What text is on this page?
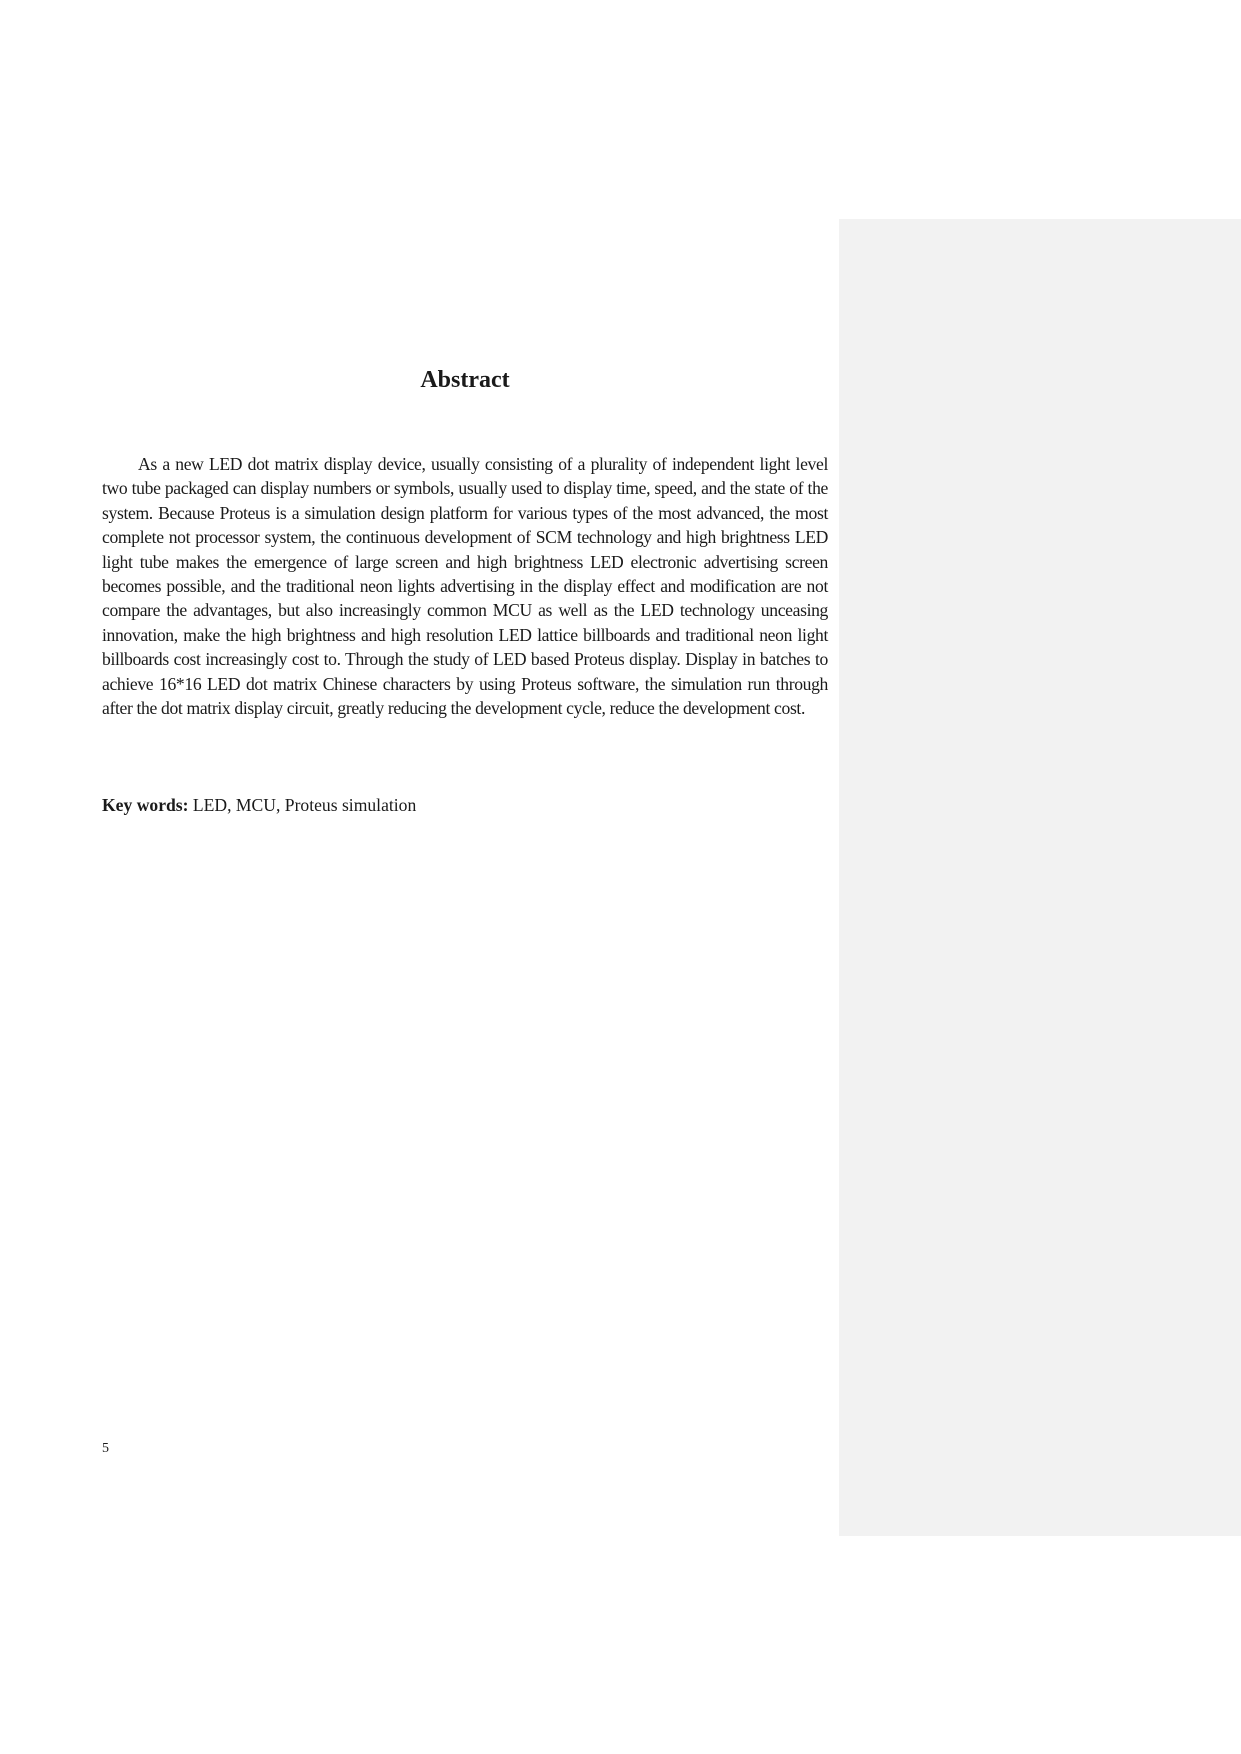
Abstract

As a new LED dot matrix display device, usually consisting of a plurality of independent light level two tube packaged can display numbers or symbols, usually used to display time, speed, and the state of the system. Because Proteus is a simulation design platform for various types of the most advanced, the most complete not processor system, the continuous development of SCM technology and high brightness LED light tube makes the emergence of large screen and high brightness LED electronic advertising screen becomes possible, and the traditional neon lights advertising in the display effect and modification are not compare the advantages, but also increasingly common MCU as well as the LED technology unceasing innovation, make the high brightness and high resolution LED lattice billboards and traditional neon light billboards cost increasingly cost to. Through the study of LED based Proteus display. Display in batches to achieve 16*16 LED dot matrix Chinese characters by using Proteus software, the simulation run through after the dot matrix display circuit, greatly reducing the development cycle, reduce the development cost.

Key words: LED, MCU, Proteus simulation

5
